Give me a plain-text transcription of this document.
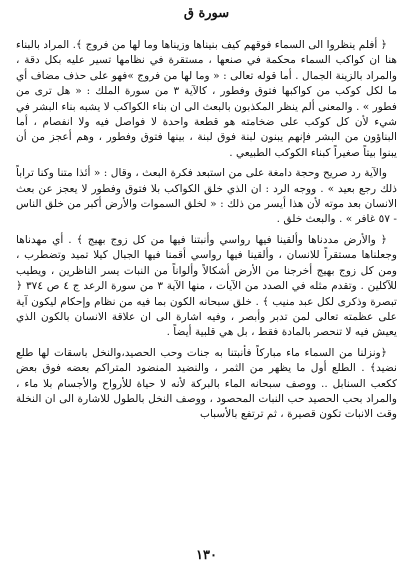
سورة ق

﴿ أفلم ينظروا الى السماء فوقهم كيف بنيناها وزيناها وما لها من فروج ﴾. المراد بالبناء هنا ان كواكب السماء محكمة في صنعها ، مستقرة في نظامها تسير عليه بكل دقة ، والمراد بالزينة الجمال . أما قوله تعالى : « وما لها من فروج »فهو على حذف مضاف أي ما لكل كوكب من كواكبها فتوق وفطور ، كالآية ٣ من سورة الملك : « هل ترى من فطور » . والمعنى ألم ينظر المكذبون بالبعث الى ان بناء الكواكب لا يشبه بناء البشر في شيء لأن كل كوكب على ضخامته هو قطعة واحدة لا فواصل فيه ولا انفصام ، أما البناؤون من البشر فإنهم يبنون لبنة فوق لبنة ، بينها فتوق وفطور ، وهم أعجز من أن يبنوا بيتاً صغيراً كبناء الكوكب الطبيعي .

والآية رد صريح وحجة دامغة على من استبعد فكرة البعث ، وقال : « أئذا متنا وكنا تراباً ذلك رجع بعيد » . ووجه الرد : ان الذي خلق الكواكب بلا فتوق وفطور لا يعجز عن بعث الانسان بعد موته لأن هذا أيسر من ذلك : « لخلق السموات والأرض أكبر من خلق الناس - ٥٧ غافر » . والبعث خلق .

﴿ والأرض مددناها وألقينا فيها رواسي وأنبتنا فيها من كل زوج بهيج ﴾ . أي مهدناها وجعلناها مستقراً للانسان ، وألقينا فيها رواسي أقمنا فيها الجبال كيلا تميد وتضطرب ، ومن كل زوج بهيج أخرجنا من الأرض أشكالاً وألواناً من النبات يسر الناظرين ، ويطيب للآكلين . وتقدم مثله في الصدد من الآيات ، منها الآية ٣ من سورة الرعد ج ٤ ص ٣٧٤ ﴿ تبصرة وذكرى لكل عبد منيب ﴾ . خلق سبحانه الكون بما فيه من نظام وإحكام ليكون آية على عظمته تعالى لمن تدبر وأبصر ، وفيه اشارة الى ان علاقة الانسان بالكون الذي يعيش فيه لا تنحصر بالمادة فقط ، بل هي قلبية أيضاً .

﴿ونزلنا من السماء ماء مباركاً فأنبتنا به جنات وحب الحصيد،والنخل باسقات لها طلع نضيد﴾ . الطلع أول ما يظهر من الثمر ، والنضيد المنضود المتراكم بعضه فوق بعض ككعب السنابل .. ووصف سبحانه الماء بالبركة لأنه لا حياة للأرواح والأجسام بلا ماء ، والمراد بحب الحصيد حب النبات المحصود ، ووصف النخل بالطول للاشارة الى ان النخلة وقت الانبات تكون قصيرة ، ثم ترتفع بالأسباب

١٣٠
